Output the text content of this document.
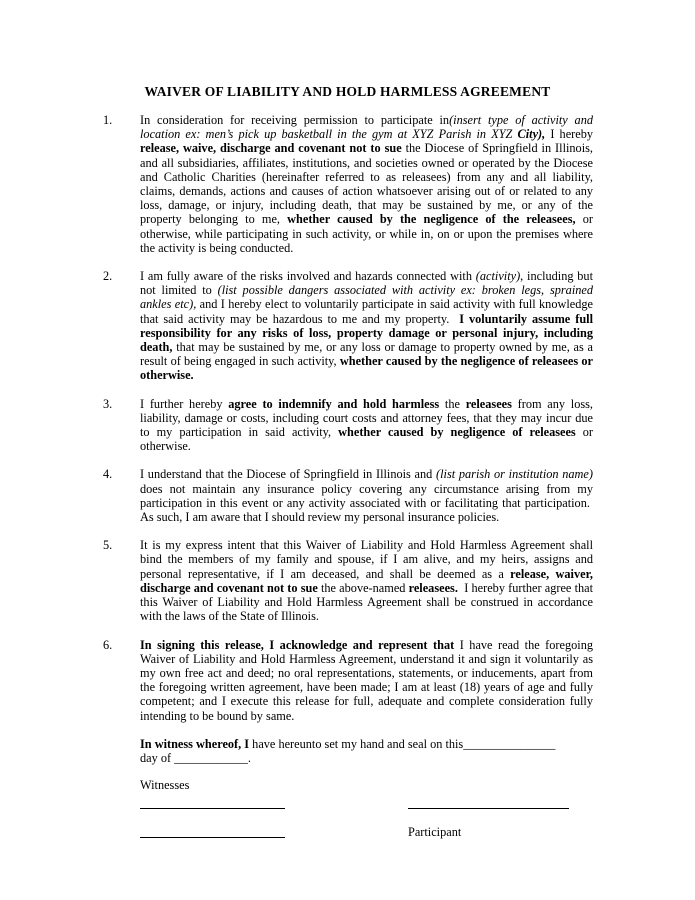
WAIVER OF LIABILITY AND HOLD HARMLESS AGREEMENT
1.	In consideration for receiving permission to participate in(insert type of activity and location ex: men’s pick up basketball in the gym at XYZ Parish in XYZ City), I hereby release, waive, discharge and covenant not to sue the Diocese of Springfield in Illinois, and all subsidiaries, affiliates, institutions, and societies owned or operated by the Diocese and Catholic Charities (hereinafter referred to as releasees) from any and all liability, claims, demands, actions and causes of action whatsoever arising out of or related to any loss, damage, or injury, including death, that may be sustained by me, or any of the property belonging to me, whether caused by the negligence of the releasees, or otherwise, while participating in such activity, or while in, on or upon the premises where the activity is being conducted.
2.	I am fully aware of the risks involved and hazards connected with (activity), including but not limited to (list possible dangers associated with activity ex: broken legs, sprained ankles etc), and I hereby elect to voluntarily participate in said activity with full knowledge that said activity may be hazardous to me and my property.  I voluntarily assume full responsibility for any risks of loss, property damage or personal injury, including death, that may be sustained by me, or any loss or damage to property owned by me, as a result of being engaged in such activity, whether caused by the negligence of releasees or otherwise.
3.	I further hereby agree to indemnify and hold harmless the releasees from any loss, liability, damage or costs, including court costs and attorney fees, that they may incur due to my participation in said activity, whether caused by negligence of releasees or otherwise.
4.	I understand that the Diocese of Springfield in Illinois and (list parish or institution name) does not maintain any insurance policy covering any circumstance arising from my participation in this event or any activity associated with or facilitating that participation.  As such, I am aware that I should review my personal insurance policies.
5.	It is my express intent that this Waiver of Liability and Hold Harmless Agreement shall bind the members of my family and spouse, if I am alive, and my heirs, assigns and personal representative, if I am deceased, and shall be deemed as a release, waiver, discharge and covenant not to sue the above-named releasees.  I hereby further agree that this Waiver of Liability and Hold Harmless Agreement shall be construed in accordance with the laws of the State of Illinois.
6.	In signing this release, I acknowledge and represent that I have read the foregoing Waiver of Liability and Hold Harmless Agreement, understand it and sign it voluntarily as my own free act and deed; no oral representations, statements, or inducements, apart from the foregoing written agreement, have been made; I am at least (18) years of age and fully competent; and I execute this release for full, adequate and complete consideration fully intending to be bound by same.
In witness whereof, I have hereunto set my hand and seal on this_______________
day of ____________.
Witnesses
Participant
